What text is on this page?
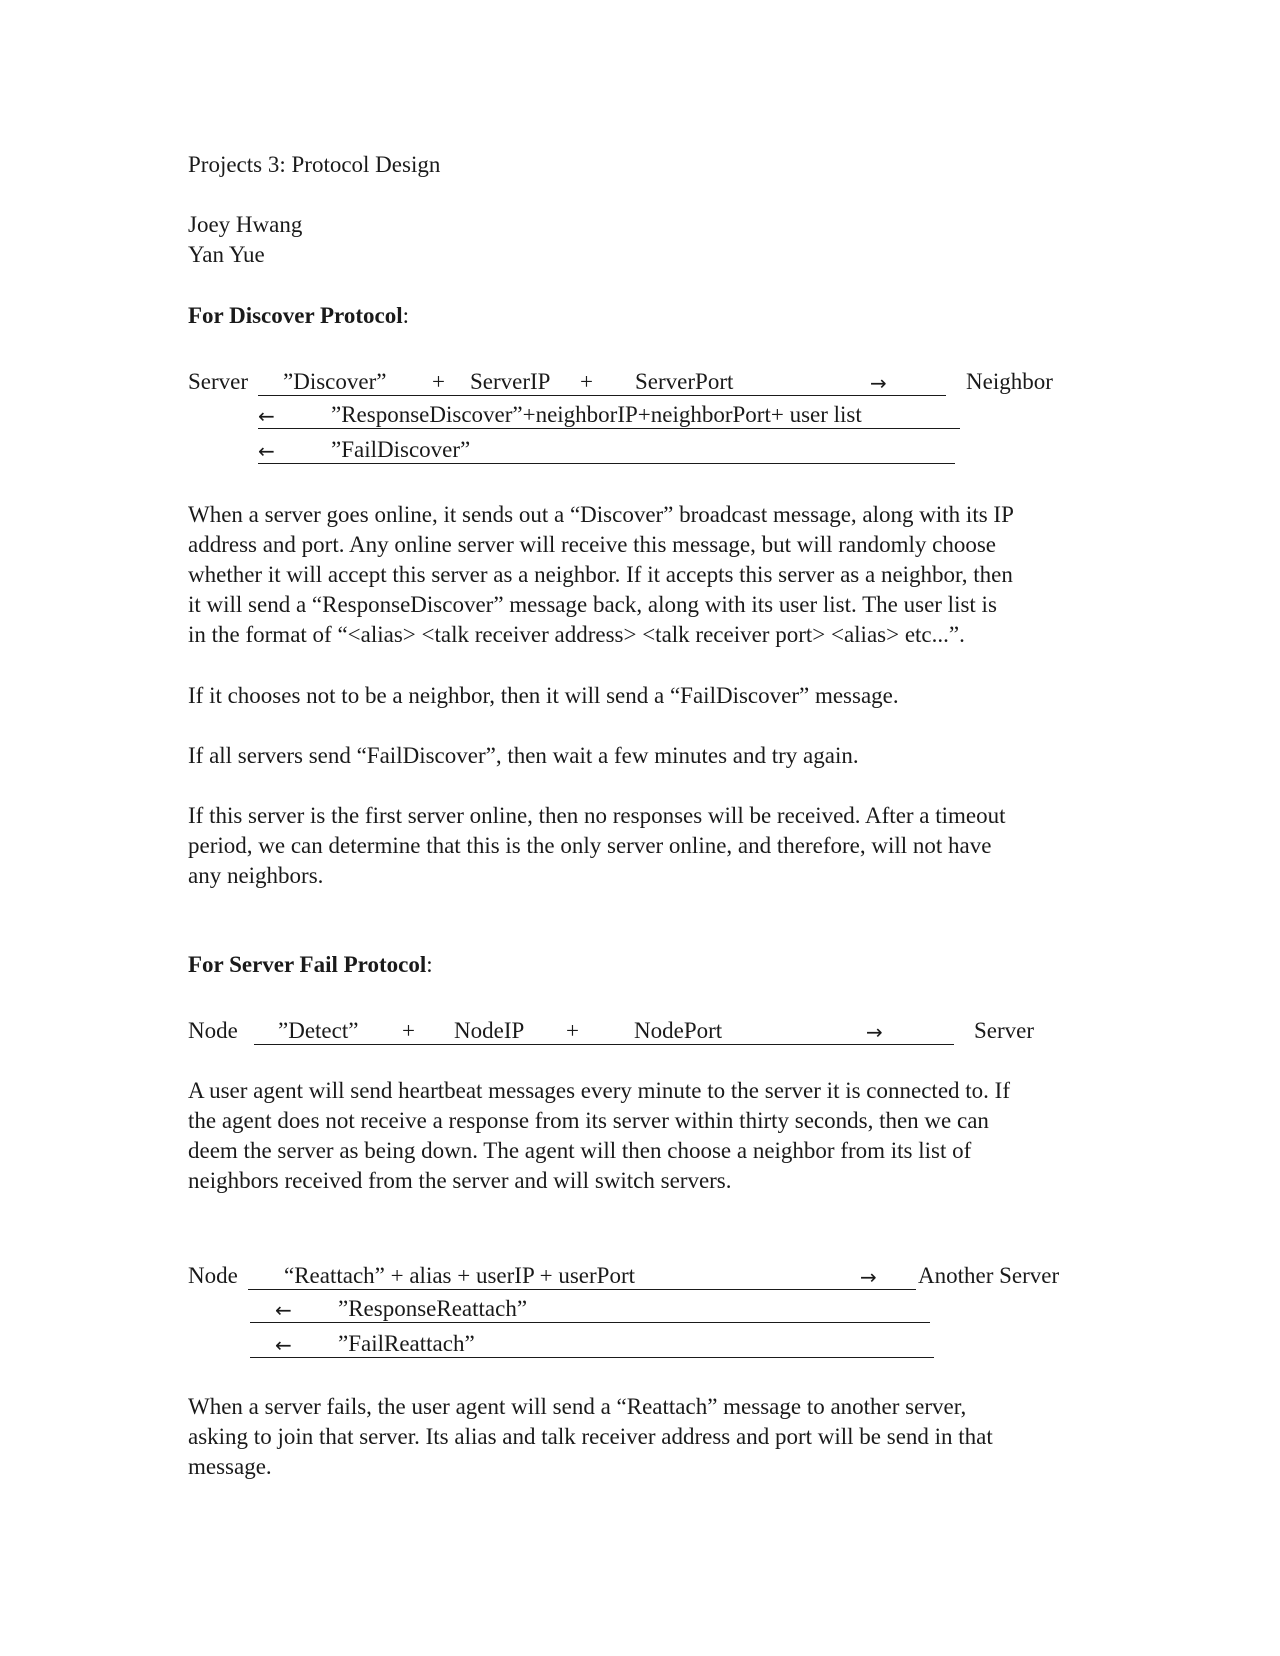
Projects 3: Protocol Design
Joey Hwang
Yan Yue
For Discover Protocol:
Server ”Discover” + ServerIP + ServerPort	→	Neighbor
← ”ResponseDiscover”+neighborIP+neighborPort+ user list
← ”FailDiscover”

When a server goes online, it sends out a “Discover” broadcast message, along with its IP

address and port. Any online server will receive this message, but will randomly choose

whether it will accept this server as a neighbor. If it accepts this server as a neighbor, then

it will send a “ResponseDiscover” message back, along with its user list. The user list is

in the format of “<alias> <talk receiver address> <talk receiver port> <alias> etc...”.

If it chooses not to be a neighbor, then it will send a “FailDiscover” message.

If all servers send “FailDiscover”, then wait a few minutes and try again.

If this server is the first server online, then no responses will be received. After a timeout

period, we can determine that this is the only server online, and therefore, will not have

any neighbors.

For Server Fail Protocol:
Node ”Detect” + NodeIP + NodePort	→	Server

A user agent will send heartbeat messages every minute to the server it is connected to. If

the agent does not receive a response from its server within thirty seconds, then we can

deem the server as being down. The agent will then choose a neighbor from its list of

neighbors received from the server and will switch servers.

Node “Reattach” + alias + userIP + userPort	→ Another Server
← ”ResponseReattach”
← ”FailReattach”

When a server fails, the user agent will send a “Reattach” message to another server,

asking to join that server. Its alias and talk receiver address and port will be send in that

message.
